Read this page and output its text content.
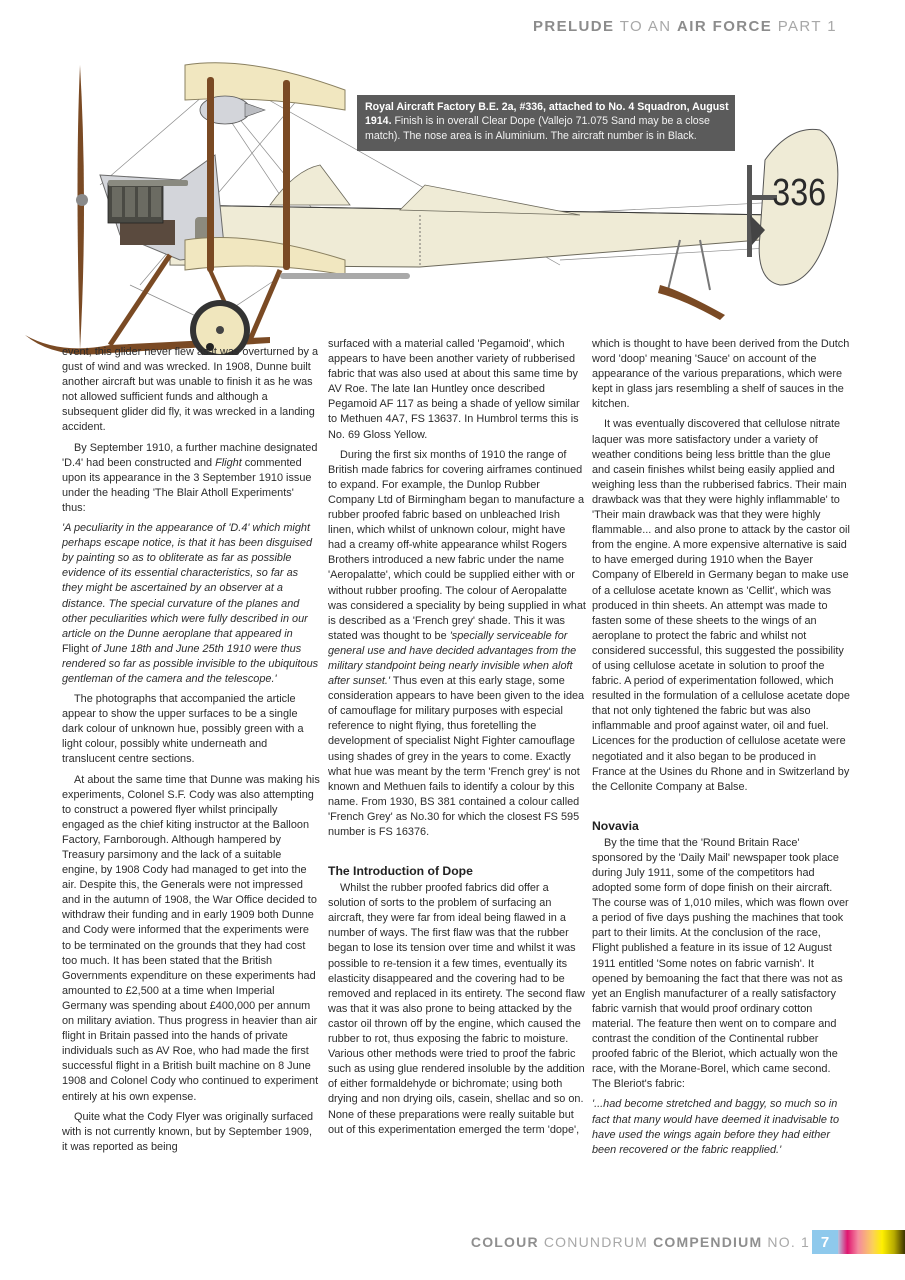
PRELUDE TO AN AIR FORCE PART 1
336
Royal Aircraft Factory B.E. 2a, #336, attached to No. 4 Squadron, August 1914. Finish is in overall Clear Dope (Vallejo 71.075 Sand may be a close match). The nose area is in Aluminium. The aircraft number is in Black.

event, this glider never flew as it was overturned by a gust of wind and was wrecked. In 1908, Dunne built another aircraft but was unable to finish it as he was not allowed sufficient funds and although a subsequent glider did fly, it was wrecked in a landing accident.

By September 1910, a further machine designated 'D.4' had been constructed and Flight commented upon its appearance in the 3 September 1910 issue under the heading 'The Blair Atholl Experiments' thus:

'A peculiarity in the appearance of 'D.4' which might perhaps escape notice, is that it has been disguised by painting so as to obliterate as far as possible evidence of its essential characteristics, so far as they might be ascertained by an observer at a distance. The special curvature of the planes and other peculiarities which were fully described in our article on the Dunne aeroplane that appeared in Flight of June 18th and June 25th 1910 were thus rendered so far as possible invisible to the ubiquitous gentleman of the camera and the telescope.'

The photographs that accompanied the article appear to show the upper surfaces to be a single dark colour of unknown hue, possibly green with a light colour, possibly white underneath and translucent centre sections.

At about the same time that Dunne was making his experiments, Colonel S.F. Cody was also attempting to construct a powered flyer whilst principally engaged as the chief kiting instructor at the Balloon Factory, Farnborough. Although hampered by Treasury parsimony and the lack of a suitable engine, by 1908 Cody had managed to get into the air. Despite this, the Generals were not impressed and in the autumn of 1908, the War Office decided to withdraw their funding and in early 1909 both Dunne and Cody were informed that the experiments were to be terminated on the grounds that they had cost too much. It has been stated that the British Governments expenditure on these experiments had amounted to £2,500 at a time when Imperial Germany was spending about £400,000 per annum on military aviation. Thus progress in heavier than air flight in Britain passed into the hands of private individuals such as AV Roe, who had made the first successful flight in a British built machine on 8 June 1908 and Colonel Cody who continued to experiment entirely at his own expense.

Quite what the Cody Flyer was originally surfaced with is not currently known, but by September 1909, it was reported as being

surfaced with a material called 'Pegamoid', which appears to have been another variety of rubberised fabric that was also used at about this same time by AV Roe. The late Ian Huntley once described Pegamoid AF 117 as being a shade of yellow similar to Methuen 4A7, FS 13637. In Humbrol terms this is No. 69 Gloss Yellow.

During the first six months of 1910 the range of British made fabrics for covering airframes continued to expand. For example, the Dunlop Rubber Company Ltd of Birmingham began to manufacture a rubber proofed fabric based on unbleached Irish linen, which whilst of unknown colour, might have had a creamy off-white appearance whilst Rogers Brothers introduced a new fabric under the name 'Aeropalatte', which could be supplied either with or without rubber proofing. The colour of Aeropalatte was considered a speciality by being supplied in what is described as a 'French grey' shade. This it was stated was thought to be 'specially serviceable for general use and have decided advantages from the military standpoint being nearly invisible when aloft after sunset.' Thus even at this early stage, some consideration appears to have been given to the idea of camouflage for military purposes with especial reference to night flying, thus foretelling the development of specialist Night Fighter camouflage using shades of grey in the years to come. Exactly what hue was meant by the term 'French grey' is not known and Methuen fails to identify a colour by this name. From 1930, BS 381 contained a colour called 'French Grey' as No.30 for which the closest FS 595 number is FS 16376.

The Introduction of Dope

Whilst the rubber proofed fabrics did offer a solution of sorts to the problem of surfacing an aircraft, they were far from ideal being flawed in a number of ways. The first flaw was that the rubber began to lose its tension over time and whilst it was possible to re-tension it a few times, eventually its elasticity disappeared and the covering had to be removed and replaced in its entirety. The second flaw was that it was also prone to being attacked by the castor oil thrown off by the engine, which caused the rubber to rot, thus exposing the fabric to moisture. Various other methods were tried to proof the fabric such as using glue rendered insoluble by the addition of either formaldehyde or bichromate; using both drying and non drying oils, casein, shellac and so on. None of these preparations were really suitable but out of this experimentation emerged the term 'dope',

which is thought to have been derived from the Dutch word 'doop' meaning 'Sauce' on account of the appearance of the various preparations, which were kept in glass jars resembling a shelf of sauces in the kitchen.

It was eventually discovered that cellulose nitrate laquer was more satisfactory under a variety of weather conditions being less brittle than the glue and casein finishes whilst being easily applied and weighing less than the rubberised fabrics. Their main drawback was that they were highly inflammable' to 'Their main drawback was that they were highly flammable... and also prone to attack by the castor oil from the engine. A more expensive alternative is said to have emerged during 1910 when the Bayer Company of Elbereld in Germany began to make use of a cellulose acetate known as 'Cellit', which was produced in thin sheets. An attempt was made to fasten some of these sheets to the wings of an aeroplane to protect the fabric and whilst not considered successful, this suggested the possibility of using cellulose acetate in solution to proof the fabric. A period of experimentation followed, which resulted in the formulation of a cellulose acetate dope that not only tightened the fabric but was also inflammable and proof against water, oil and fuel. Licences for the production of cellulose acetate were negotiated and it also began to be produced in France at the Usines du Rhone and in Switzerland by the Cellonite Company at Balse.

Novavia

By the time that the 'Round Britain Race' sponsored by the 'Daily Mail' newspaper took place during July 1911, some of the competitors had adopted some form of dope finish on their aircraft. The course was of 1,010 miles, which was flown over a period of five days pushing the machines that took part to their limits. At the conclusion of the race, Flight published a feature in its issue of 12 August 1911 entitled 'Some notes on fabric varnish'. It opened by bemoaning the fact that there was not as yet an English manufacturer of a really satisfactory fabric varnish that would proof ordinary cotton material. The feature then went on to compare and contrast the condition of the Continental rubber proofed fabric of the Bleriot, which actually won the race, with the Morane-Borel, which came second. The Bleriot's fabric:

'...had become stretched and baggy, so much so in fact that many would have deemed it inadvisable to have used the wings again before they had either been recovered or the fabric reapplied.'

COLOUR CONUNDRUM COMPENDIUM NO. 1 7
